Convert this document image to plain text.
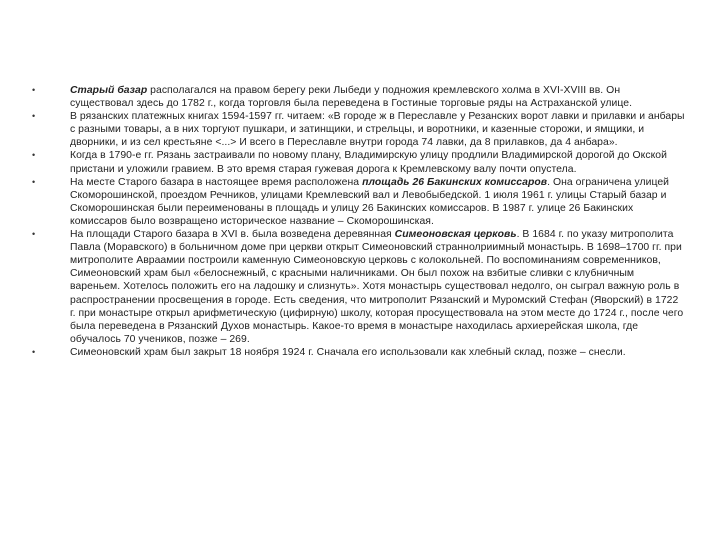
•	Старый базар располагался на правом берегу реки Лыбеди у подножия кремлевского холма в XVI-XVIII вв. Он существовал здесь до 1782 г., когда торговля была переведена в Гостиные торговые ряды на Астраханской улице.
•	В рязанских платежных книгах 1594-1597 гг. читаем: «В городе ж в Переславле у Резанских ворот лавки и прилавки и анбары с разными товары, а в них торгуют пушкари, и затинщики, и стрельцы, и воротники, и казенные сторожи, и ямщики, и дворники, и из сел крестьяне <...> И всего в Переславле внутри города 74 лавки, да 8 прилавков, да 4 анбара».
•	Когда в 1790-е гг. Рязань застраивали по новому плану, Владимирскую улицу продлили Владимирской дорогой до Окской пристани и уложили гравием. В это время старая гужевая дорога к Кремлевскому валу почти опустела.
•	На месте Старого базара в настоящее время расположена площадь 26 Бакинских комиссаров. Она ограничена улицей Скоморошинской, проездом Речников, улицами Кремлевский вал и Левобыбедской. 1 июля 1961 г. улицы Старый базар и Скоморошинская были переименованы в площадь и улицу 26 Бакинских комиссаров. В 1987 г. улице 26 Бакинских комиссаров было возвращено историческое название – Скоморошинская.
•	На площади Старого базара в XVI в. была возведена деревянная Симеоновская церковь. В 1684 г. по указу митрополита Павла (Моравского) в больничном доме при церкви открыт Симеоновский страннолриимный монастырь. В 1698–1700 гг. при митрополите Авраамии построили каменную Симеоновскую церковь с колокольней. По воспоминаниям современников, Симеоновский храм был «белоснежный, с красными наличниками. Он был похож на взбитые сливки с клубничным вареньем. Хотелось положить его на ладошку и слизнуть». Хотя монастырь существовал недолго, он сыграл важную роль в распространении просвещения в городе. Есть сведения, что митрополит Рязанский и Муромский Стефан (Яворский) в 1722 г. при монастыре открыл арифметическую (цифирную) школу, которая просуществовала на этом месте до 1724 г., после чего была переведена в Рязанский Духов монастырь. Какое-то время в монастыре находилась архиерейская школа, где обучалось 70 учеников, позже – 269.
•	Симеоновский храм был закрыт 18 ноября 1924 г. Сначала его использовали как хлебный склад, позже – снесли.
